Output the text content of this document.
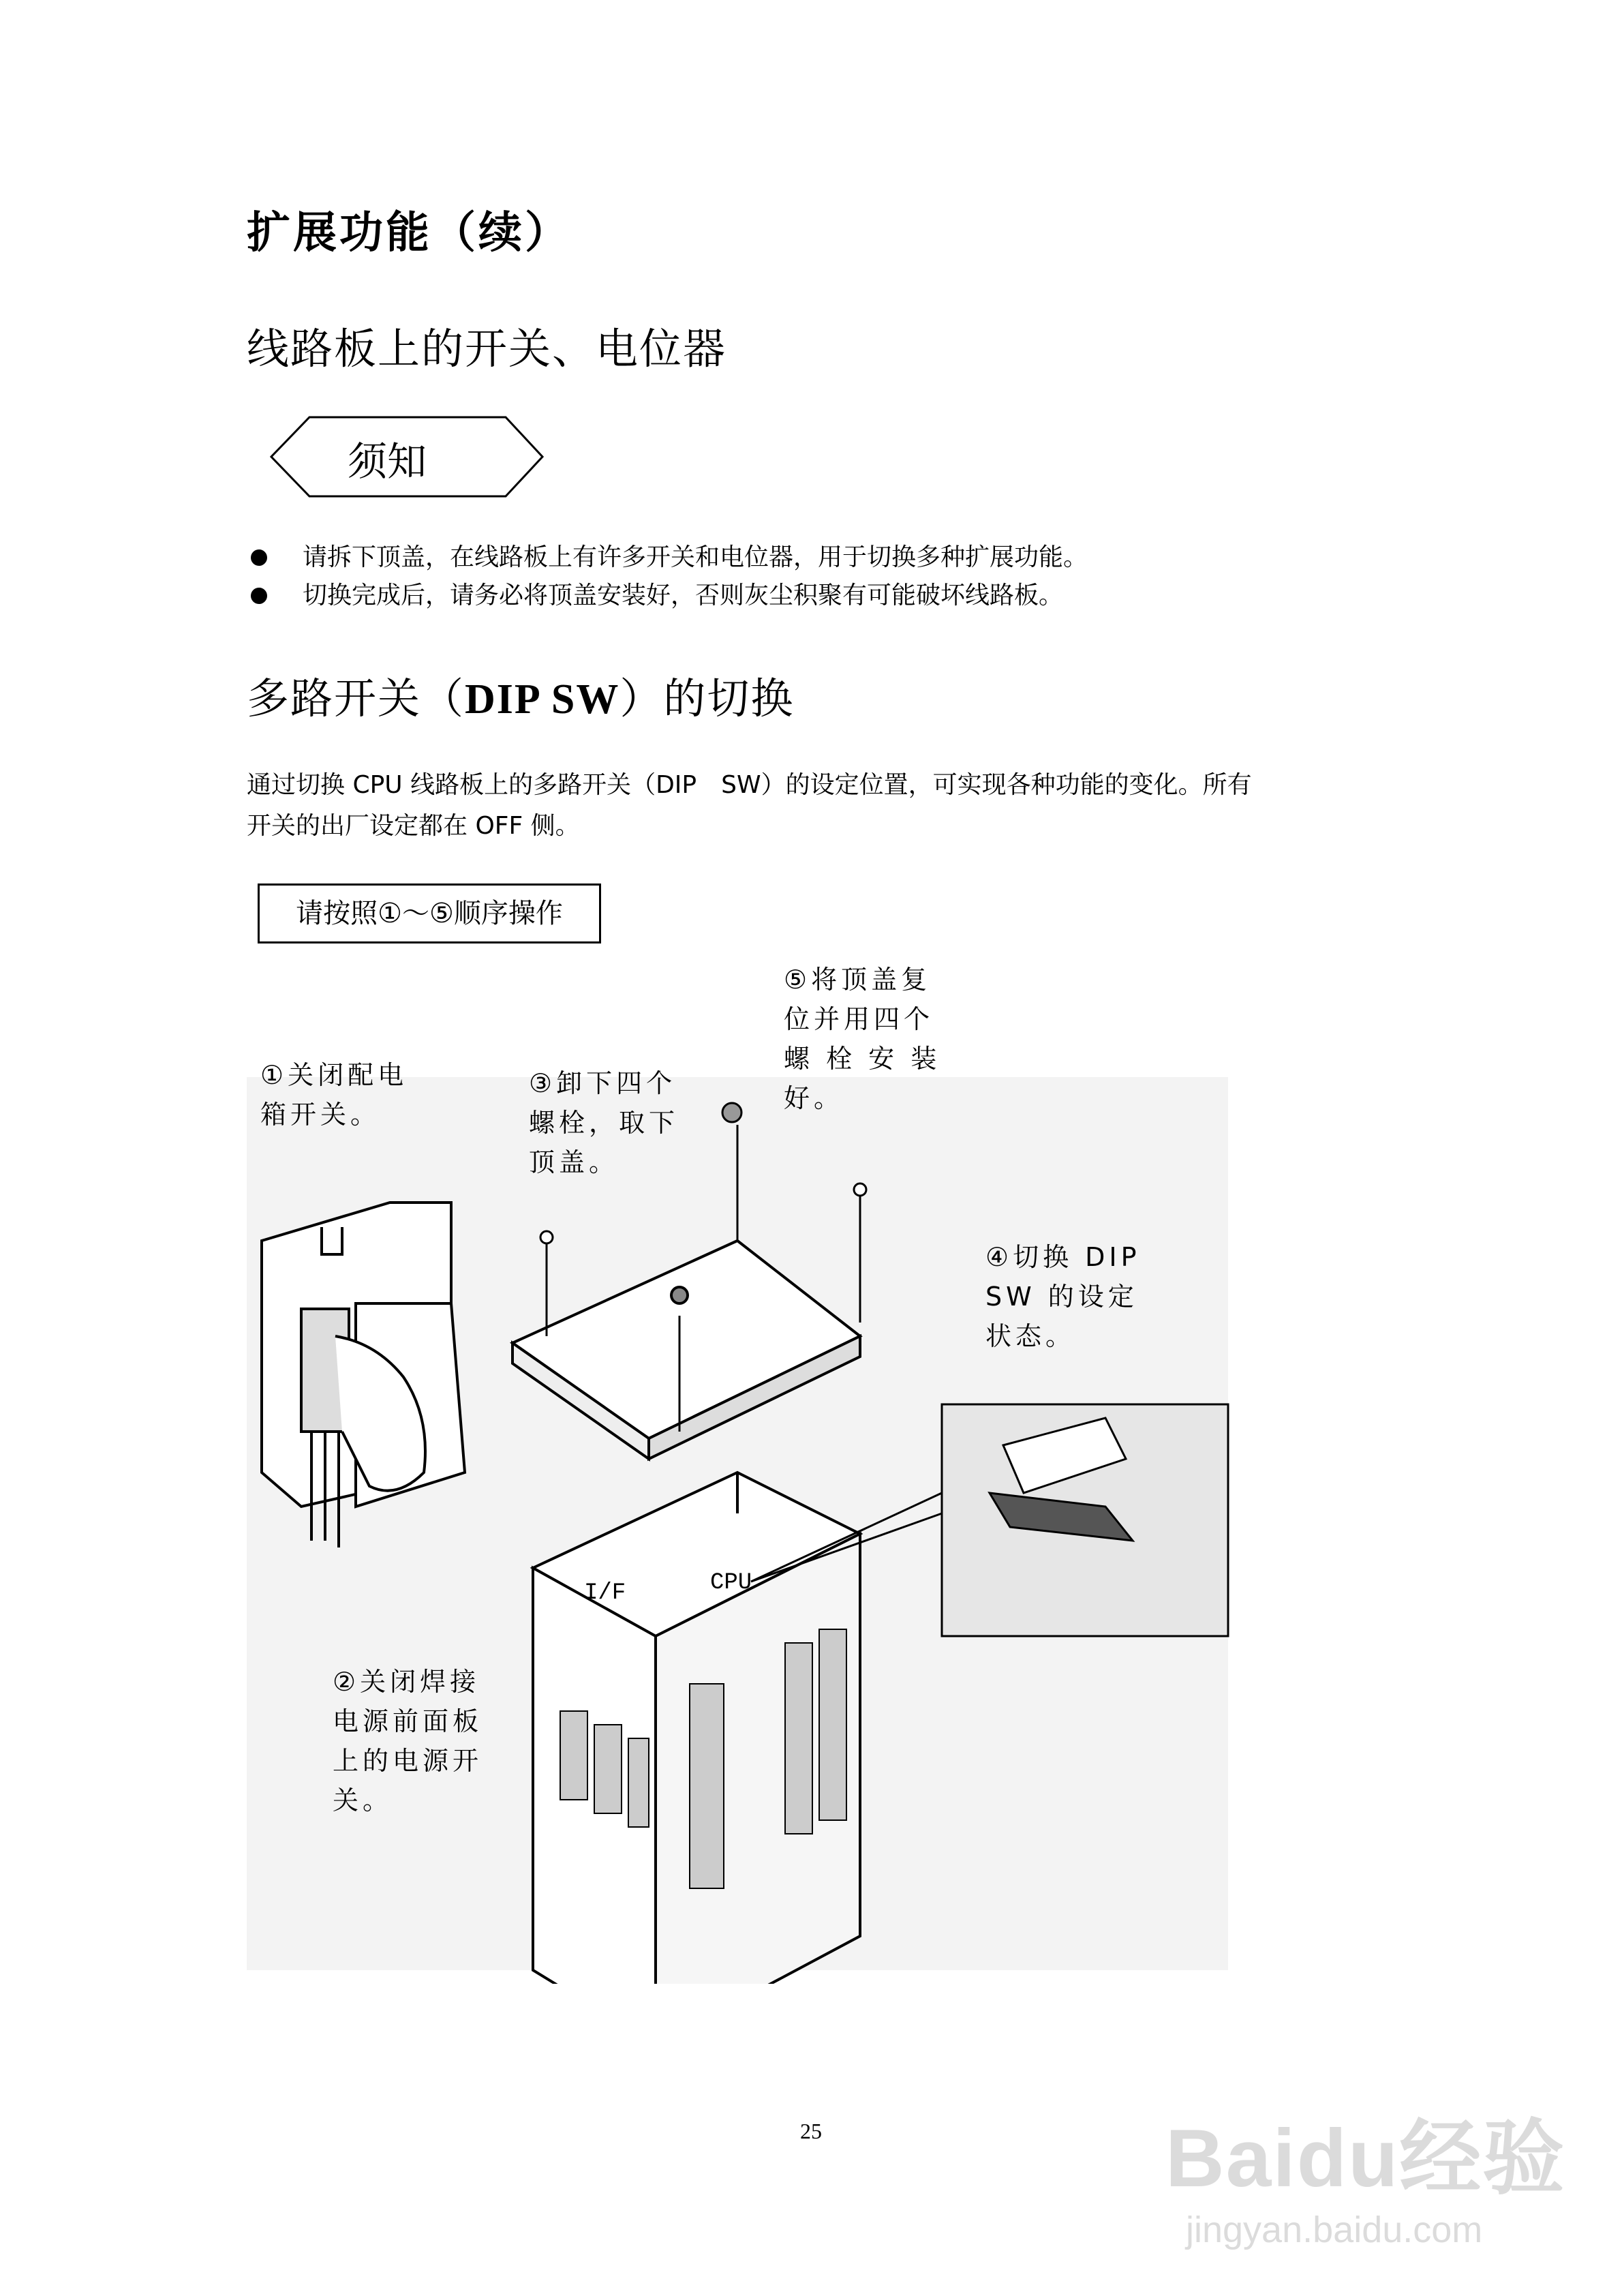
扩展功能（续）
线路板上的开关、电位器
须知
请拆下顶盖，在线路板上有许多开关和电位器，用于切换多种扩展功能。
切换完成后，请务必将顶盖安装好，否则灰尘积聚有可能破坏线路板。
多路开关（DIP SW）的切换
通过切换 CPU 线路板上的多路开关（DIP　SW）的设定位置，可实现各种功能的变化。所有
开关的出厂设定都在 OFF 侧。
请按照①～⑤顺序操作
I/F	CPU
①关闭配电
箱开关。
③卸下四个
螺栓，取下
顶盖。
⑤将顶盖复
位并用四个
螺 栓 安 装
好。
④切换 DIP
SW 的设定
状态。
②关闭焊接
电源前面板
上的电源开
关。
25	Baidu经验
jingyan.baidu.com
